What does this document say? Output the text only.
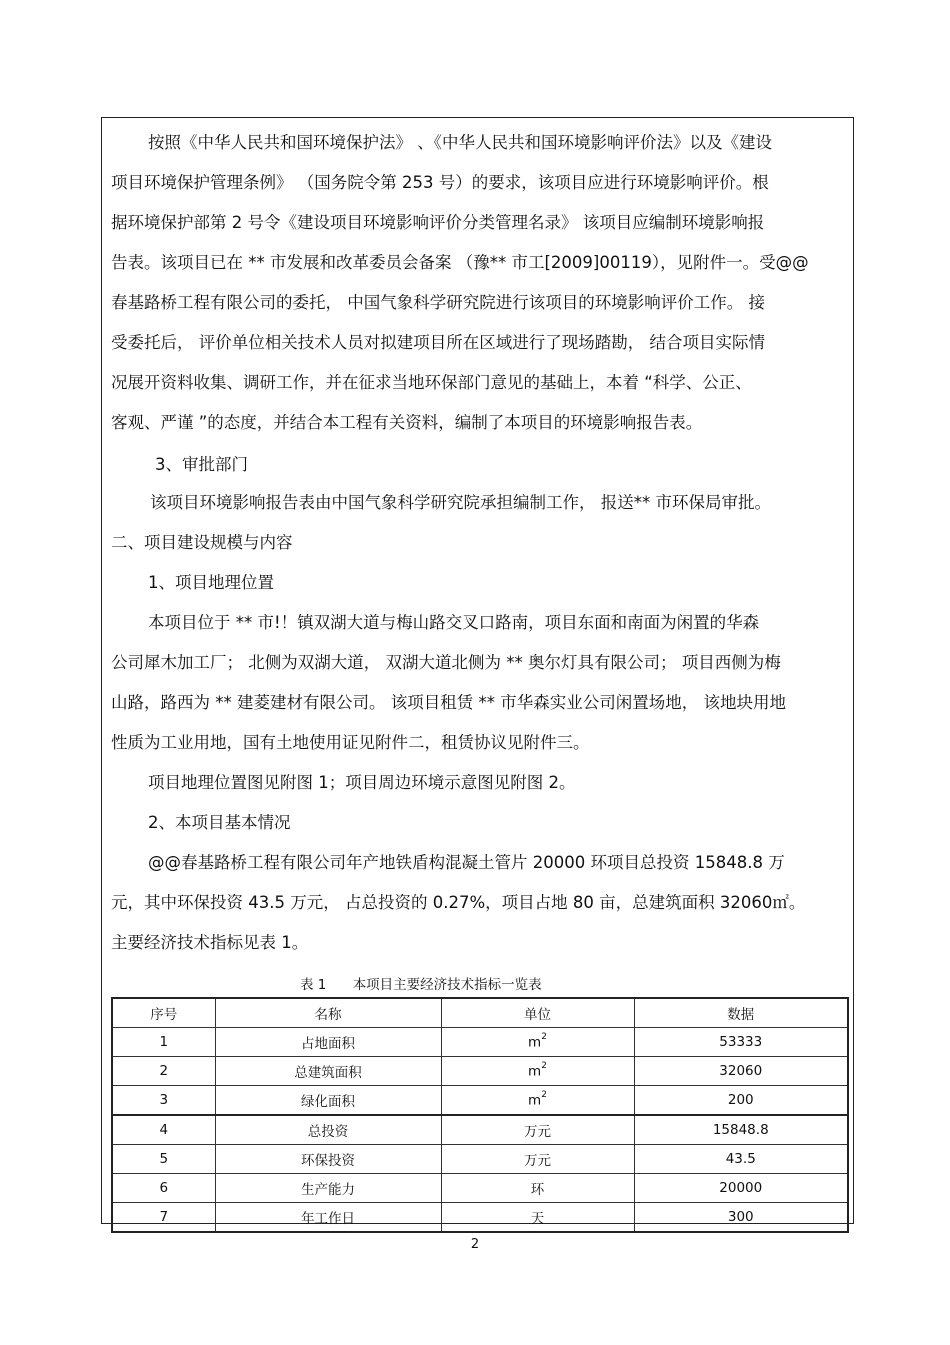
按照《中华人民共和国环境保护法》 、《中华人民共和国环境影响评价法》以及《建设
项目环境保护管理条例》 （国务院令第 253 号）的要求，该项目应进行环境影响评价。根
据环境保护部第 2 号令《建设项目环境影响评价分类管理名录》 该项目应编制环境影响报
告表。该项目已在 ** 市发展和改革委员会备案 （豫** 市工[2009]00119），见附件一。受@@
春基路桥工程有限公司的委托， 中国气象科学研究院进行该项目的环境影响评价工作。 接
受委托后， 评价单位相关技术人员对拟建项目所在区域进行了现场踏勘， 结合项目实际情
况展开资料收集、调研工作，并在征求当地环保部门意见的基础上，本着 “科学、公正、
客观、严谨 ”的态度，并结合本工程有关资料，编制了本项目的环境影响报告表。
3、审批部门
该项目环境影响报告表由中国气象科学研究院承担编制工作， 报送** 市环保局审批。
二、项目建设规模与内容
1、项目地理位置
本项目位于 ** 市!！镇双湖大道与梅山路交叉口路南，项目东面和南面为闲置的华森
公司犀木加工厂； 北侧为双湖大道， 双湖大道北侧为 ** 奥尔灯具有限公司； 项目西侧为梅
山路，路西为 ** 建菱建材有限公司。 该项目租赁 ** 市华森实业公司闲置场地， 该地块用地
性质为工业用地，国有土地使用证见附件二，租赁协议见附件三。
项目地理位置图见附图 1；项目周边环境示意图见附图 2。
2、本项目基本情况
@@春基路桥工程有限公司年产地铁盾构混凝土管片 20000 环项目总投资 15848.8 万
元，其中环保投资 43.5 万元， 占总投资的 0.27%，项目占地 80 亩，总建筑面积 32060㎡。
主要经济技术指标见表 1。
表 1 本项目主要经济技术指标一览表
序号	名称	单位	数据
1	占地面积	$m^2$	53333
2	总建筑面积	$m^2$	32060
3	绿化面积	$m^2$	200
4	总投资	万元	15848.8
5	环保投资	万元	43.5
6	生产能力	环	20000
7	年工作日	天	300
2
